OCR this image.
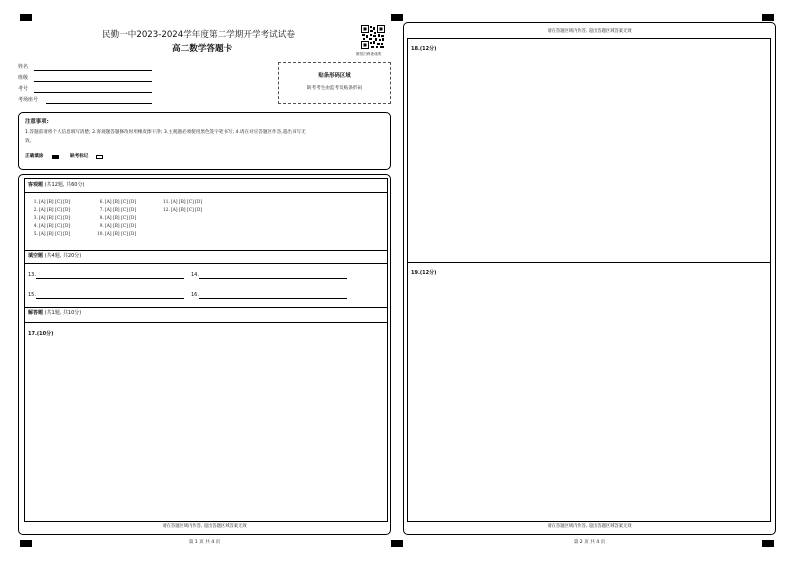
民勤一中2023-2024学年度第二学期开学考试试卷
高二数学答题卡	微信扫码查成绩
姓名
班级
考号
考场座号
贴条形码区域
缺考考生由监考员贴条形码
注意事项:
1.答题前请将个人信息填写清楚; 2.客观题答题修改时用橡皮擦干净; 3.主观题必须使用黑色签字笔书写; 4.请在对应答题区作答,超出书写无
效。
正确填涂	缺考标记
客观题 (共12题, 共60分)
1.[A] [B] [C] [D]
2.[A] [B] [C] [D]
3.[A] [B] [C] [D]
4.[A] [B] [C] [D]
5.[A] [B] [C] [D]
6.[A] [B] [C] [D]
7.[A] [B] [C] [D]
8.[A] [B] [C] [D]
9.[A] [B] [C] [D]
10.[A] [B] [C] [D]
11.[A] [B] [C] [D]
12.[A] [B] [C] [D]
填空题 (共4题, 共20分)
13.	14.
15.	16.
解答题 (共1题, 共10分)
17.(10分)
请在答题区域内作答, 超出答题区域答案无效
第 1 页 共 4 页
请在答题区域内作答, 超出答题区域答案无效
18.(12分)
19.(12分)
请在答题区域内作答, 超出答题区域答案无效
第 2 页 共 4 页
